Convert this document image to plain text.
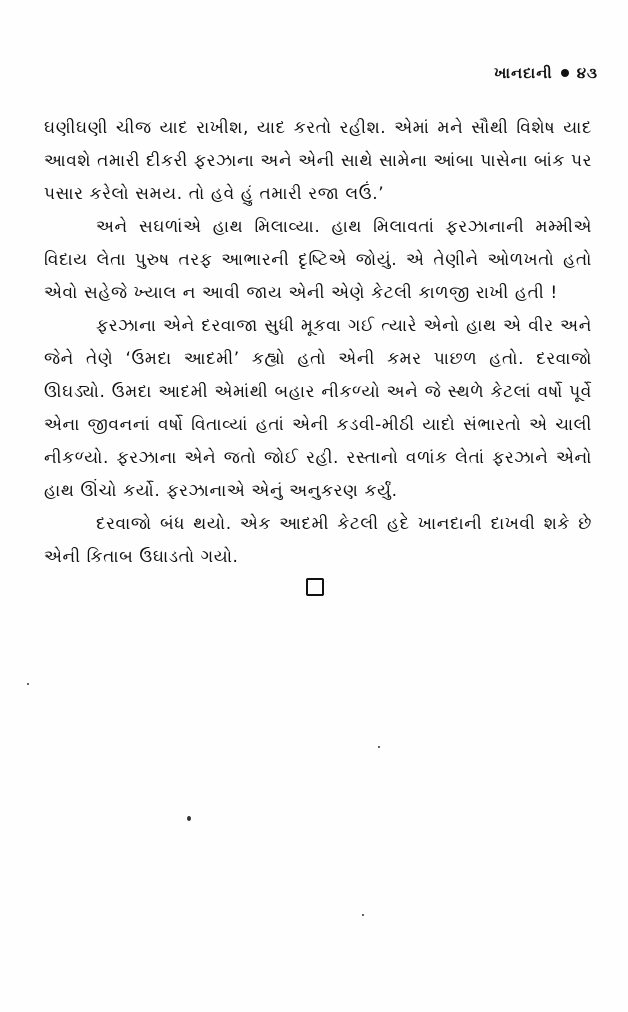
ખાનદાની ૪૩

ઘણીઘણી ચીજ યાદ રાખીશ, યાદ કરતો રહીશ. એમાં મને સૌથી વિશેષ યાદ આવશે તમારી દીકરી ફરઝાના અને એની સાથે સામેના આંબા પાસેના બાંક પર પસાર કરેલો સમય. તો હવે હું તમારી રજા લઉં.’

અને સઘળાંએ હાથ મિલાવ્યા. હાથ મિલાવતાં ફરઝાનાની મમ્મીએ વિદાય લેતા પુરુષ તરફ આભારની દૃષ્ટિએ જોયું. એ તેણીને ઓળખતો હતો એવો સહેજે ખ્યાલ ન આવી જાય એની એણે કેટલી કાળજી રાખી હતી !

ફરઝાના એને દરવાજા સુધી મૂકવા ગઈ ત્યારે એનો હાથ એ વીર અને જેને તેણે ‘ઉમદા આદમી’ કહ્યો હતો એની કમર પાછળ હતો. દરવાજો ઊઘડ્યો. ઉમદા આદમી એમાંથી બહાર નીકળ્યો અને જે સ્થળે કેટલાં વર્ષો પૂર્વે એના જીવનનાં વર્ષો વિતાવ્યાં હતાં એની કડવી-મીઠી યાદો સંભારતો એ ચાલી નીકળ્યો. ફરઝાના એને જતો જોઈ રહી. રસ્તાનો વળાંક લેતાં ફરઝાને એનો હાથ ઊંચો કર્યો. ફરઝાનાએ એનું અનુકરણ કર્યું.

દરવાજો બંધ થયો. એક આદમી કેટલી હદે ખાનદાની દાખવી શકે છે એની કિતાબ ઉઘાડતો ગયો.
